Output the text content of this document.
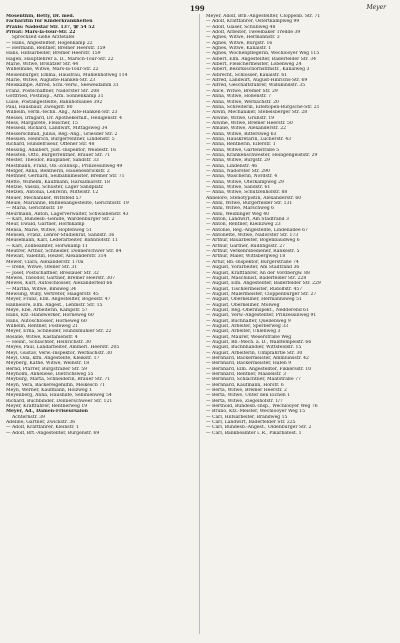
199	Meyer
Mosenthin, Betty, Dr. med.
Fachärztin für Kinderkrankheiten
Praxis: Nadostar Str. 137, ☏ 54 52
Privat: Mars-la-Tour-Str. 22
Sprechzeit siehe Ärztetafel
— Hans, Angestellter, Hogenkamp 22
— Hermann, Rentner, Bremer Heerstr. 159
Hans, Hilfsarbeiter, Bremer Heerstr. 159
Hagen, Hauptlehrer a. D., Marsch-Tour-Str. 22
Marie, Witwe, Brolatzer Str. 44
Wilhelmine, Witwe, Mars-la-Tour-Str. 22
Meisenburger, Emma, Hausfrau, Mühlenhofweg 114
Marie, Witwe, Auguste-Hanken-Str. 23
Meiskampe, Alfred, Schl.-Verw., Seeweidamm 31
Franz, Postschaffner, Nadorster Str. 208
Gottfried, Postinsp., Arm. Sonnenkamp 31
Luise, Postangestellte, Bahnhofsallee 392
Paul, Hausbaur, Zweigstr. 80
Wilhelm, verm.-techn. Ang., Alte-Hanken-Str. 23
Messel, Irmgard, Dr. Apothekerhilf., Heiligenstr. 4
Mess, Margarete, Fleischer, 15
Messedl, Richard, Landwirt, Mittagsweg 34
Messerschmid, Julius, Reg.-Ang., Griesder Str. 2
Messien, Heinrich, Bürgerrentner, Lindenstr. 5
Richard, Hundefriseur, Offener Str. 48
Messing, Adalbert, Just.-Inspektor, Weidestr. 16
Messten, Otto, Bürgerrentner, Brauer Str. 71
Mester, Theodor, Bauplaner, Sandstr. 33
Mestmann, Franz, Ob.-Zollinsp., Prinzessinweg 49
Metger, Anna, Rentnerin, Hauenesbrickstr. 2
Methner, Gerhard, Seilbahnmeister, Bremer Str. 71
Mette, Wilhelm, Kaufmann, Harsalmarstr. 18
Metzie, Vassili, Schuster, Lager Sandplatz
Metzen, Antonia, Lehrerin, Mittelstr. 12
Meuer, Mechaniker, Wittsfeld 57
Meule, Marianne, Bühnenangestellte, Gerichtsstr. 19
— Maria, Gerichtsstr. 19
Meurmann, Anton, Lagerverwalter, Schwalbenstr. 43
— Karl, Bundesb.-Gehilfe, Wardenburger Str. 2
Meur, Ewald, Gärtner, Hörmkamp
Mensa, Marie, Witwe, Hopfenweg 51
Mensen, Franz, Lehrer-Studienrat, Sandstr. 36
Meusemann, Karl, Lederarbeiter, Bahnhofstr. 11
— Karl, Zollbeamter, Hörwkamp 11
Meutrer, Arthur, Schneider, Donnerschwer Str. 84
Mewalt, Valentin, Heizer, Alexanderstr. 314
Mewer, Clara, Alexanderstr. 170a
— Irene, Witwe, Ofener Str. 31
— Josef, Postschaffner, Breslauer Str. 32
Mewes, Theodor, Gärtner, Bremer Heerstr. 307
Mewes, Kurt, Autoschlosser, Alexanderfeld 66
— Martha, Witwe, Binsweg 34
Mewsing, Willy, Vertreter, Haagerstr. 45
Meyer, Franz, Elm. Angestellter, Bogesstr. 47
Hannelore, Elm. Angest., Lehmstr. Str. 15
Meye, Ebe, Arbeiterin, Kampstr. 57
Hans, Kfz.-Handwerker, Hörneweg 60
Hans, Autoschlosser, Hörneweg 60
Wilhelm, Rentner, Fosteweg 21
Meyer, Erna, Schneider, Hundsmühler Str. 22
Rosalie, Witwe, Kastanienstr. 4
— Heinr., Schlachter, Heinrichstr. 30
Meyes, Paul, Landarbeiter, Ammerl. Heerstr. 205
Meyi, Gustav, Verw.-Inspektor, Werbachstr. 30
Meyl, Oda, kfm. Angestellte, Kleikstr. 17
Meyberg, Käthe, Witwe, Weinstr. 18
Bernd, Pfarrer, Burgstraßer Str. 59
Meyholm, Anneliese, Dietrichsweg 55
Meyburg, Marta, Schneiderin, Brauer Str. 71
Meyn, Vera, Bäckereigehilfin, Meikesch 71
Meyn, Werner, Kaufmann, Holzweg 1
Meyenberg, Anna, Haushilfe, Sellinienweg 54
Richard, Buchbinder, Donnerschweer Str. 121
Meyer, Kraftfahrer, Rentnerweg 19
Meyer, Ad., Damen-Friseursalon
Achternstr. 39
Adeline, Gärtner, Zwickstr. 36
— Adolf, Kraftfahrer, Kleinstr. 1
— Adolf, Brt.-Angestellter, Burgenstr. 69
Meyer, Adolf, Brb.-Angestellter, Cloppenb. Str. 71
— Adolf, Kraftfahrer, Ostertkampweg 99
— Adolf, Glaser, Schuhweg 48
— Adolf, Arbeiter, Tweelbäker Tredde 39
— Agnes, Witwe, Hermannstr. 3
— Agnes, Witwe, Burgstr. 16
— Agnes, Witwe, Kanalstr. 1
— Agnes, Wochenpflegerin, Wechlooyer Weg 115
— Albert, Elm. Angestellter, Bäderfelder Str. 34
— Albert, Fleischermeister, Lobenweg 24
— Albert, Bezirksschornstfmstr., Kanalweg 3
— Albrecht, Schlosser, Kanalstr. 61
— Alfred, Landwirt, August-Hinrichs-Str. 69
— Alfred, Geschäftsführer, Widukindstr. 35
— Alice, Witwe, Bremer Str. 29
— Anna, Witwe, Hößenstr. 7
— Anna, Witwe, Werbachstr. 20
— Anna, Schreiterin, Eifeltopen-Burgsche-Str. 21
— Alwin, Mechaniker, Stebelsberger Str. 28
— Alwine, Witwe, Grünstr. 19
— Alwine, Witwe, Bremer Heerstr. 50
— Amalie, Witwe, Alexanderstr. 22
— Anna, Witwe, Bittersweg 63
— Anna, Hauskretärin, Lücherstr. 43
— Anna, Rentnerin, Eiferstr. 1
— Anna, Witwe, Gartenstraße 5
— Anna, Krankenschwester, Heiligengeiststr. 29
— Anna, Witwe, Burgstr. 29
— Anna, Lindenstr. 46
— Anna, Nadorster Str. 290
— Anna, Wäscherin, Nordstr. 4
— Anna, Witwe, Oterkampweg 29
— Anna, Witwe, Sandstr. 61
— Anna, Witwe, Schützenhofstr. 88
Annelore, Stenotypistin, Alexanderstr. 60
— Anni, Witwe, Bürgerfelder Str. 131
— Anni, Witwe, Marschweg 6
— Anni, Weidlinger Weg 40
— Anton, Landwirt, Am Stadtrand 3
— Anton, Rentner, Kleinzweg 23
— Antonie, Reg.-Angestellte, Lindenallee 67
— Antonette, Witwe, Nadorster Str. 173
— Arthur, Bauarbeiter, Bögenbaudweg 6
— Arthur, Gärtner, Rudlingsstr. 27
— Arthur, Verkehrsbediener, Rankestr. 5
— Arthur, Maler, Wittsbergweg 18
— Artur, Bb.-Inspektor, Bürgerstraße 74
— August, Vorarbeiter, Am Stadtrand 36
— August, Kraftfahrer, An der Vordbergw. 88
— August, Maschinist, Bäderfelder Str. 228
— August, Elm. Angestellter, Bäderfelder Str. 229
— August, Tischlermeister, Rudolfstr. 457
— August, Malermeister, Cloppenburger Str. 27
— August, Oberkellner, Hermannsweg 51
— August, Oberkellner, Mölweg
— August, Reg.-Oberinspekt., Nedderend 61
— August, Verw.-Angestellter, Prinzessinweg 91
— August, Buchhalter, Quellenweg 9
— August, Arbeiter, Sperberweg 33
— August, Arbeiter, Uhlenweg 3
— August, Maurer, Weserstraße Weg
— August, Bb.-Mech. a. D., Waldtempelstr. 66
— August, Buchhhändler, Wittsfeldstr. 15
— August, Arbeiterin, Ulmpfahrtle Str. 30
— Bernhard, Bäckermeister, Ammlunsstr. 42
— Bernhard, Bäckermeister, Hafen 9
— Bernhard, Elm. Angestellter, Fikkersstr. 10
— Bernhard, Rentner, Maaselstr. 3
— Bernhard, Schlachtner, Maatstraße 77
— Bernhard, Kaufmann, Hörstr. 6
— Berta, Witwe, Bremer Heerstr. 2
— Berta, Witwe, Unter den Eichen 1
— Berta, Witwe, Ziegelhofstr. 1/7
— Berthold, Bundesb.-Insp., Wechlooyer Weg 76
— Bruno, Kfz.-Meister, Wechlooyer Weg 15
— Carl, Hilfsarbeiter, Brandweg 15
— Carl, Landwirt, Bäderfelder Str. 225
— Carl, Bundesb.-Angest., Oldenburger Str. 2
— Carl, Bankbeamter i. R., Pikarbatest. 1
